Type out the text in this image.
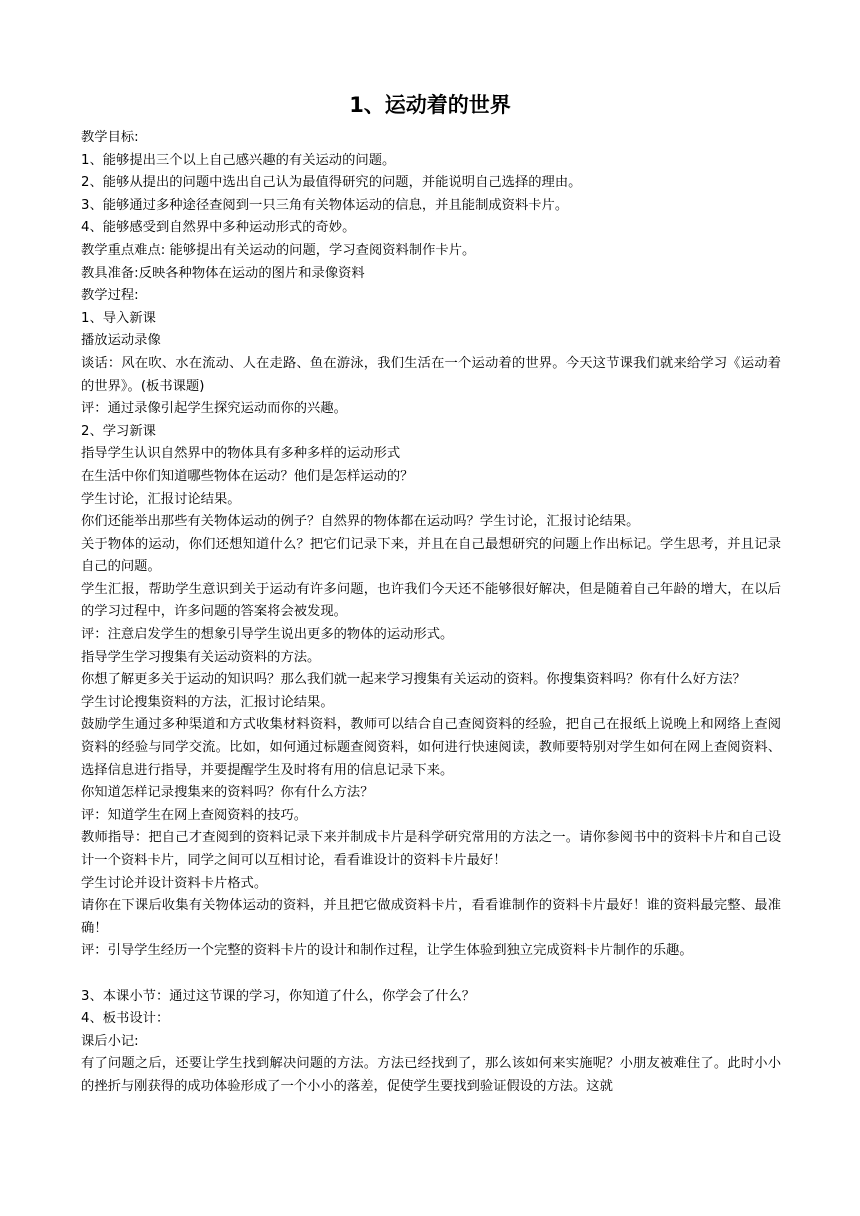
1、运动着的世界

教学目标:

1、能够提出三个以上自己感兴趣的有关运动的问题。

2、能够从提出的问题中选出自己认为最值得研究的问题，并能说明自己选择的理由。

3、能够通过多种途径查阅到一只三角有关物体运动的信息，并且能制成资料卡片。

4、能够感受到自然界中多种运动形式的奇妙。

教学重点难点: 能够提出有关运动的问题，学习查阅资料制作卡片。

教具准备:反映各种物体在运动的图片和录像资料

教学过程:

1、导入新课

播放运动录像

谈话：风在吹、水在流动、人在走路、鱼在游泳，我们生活在一个运动着的世界。今天这节课我们就来给学习《运动着的世界》。(板书课题)

评：通过录像引起学生探究运动而你的兴趣。

2、学习新课

指导学生认识自然界中的物体具有多种多样的运动形式

在生活中你们知道哪些物体在运动？他们是怎样运动的？

学生讨论，汇报讨论结果。

你们还能举出那些有关物体运动的例子？自然界的物体都在运动吗？学生讨论，汇报讨论结果。

关于物体的运动，你们还想知道什么？把它们记录下来，并且在自己最想研究的问题上作出标记。学生思考，并且记录自己的问题。

学生汇报，帮助学生意识到关于运动有许多问题，也许我们今天还不能够很好解决，但是随着自己年龄的增大，在以后的学习过程中，许多问题的答案将会被发现。

评：注意启发学生的想象引导学生说出更多的物体的运动形式。

指导学生学习搜集有关运动资料的方法。

你想了解更多关于运动的知识吗？那么我们就一起来学习搜集有关运动的资料。你搜集资料吗？你有什么好方法？

学生讨论搜集资料的方法，汇报讨论结果。

鼓励学生通过多种渠道和方式收集材料资料，教师可以结合自己查阅资料的经验，把自己在报纸上说晚上和网络上查阅资料的经验与同学交流。比如，如何通过标题查阅资料，如何进行快速阅读，教师要特别对学生如何在网上查阅资料、选择信息进行指导，并要提醒学生及时将有用的信息记录下来。

你知道怎样记录搜集来的资料吗？你有什么方法？

评：知道学生在网上查阅资料的技巧。

教师指导：把自己才查阅到的资料记录下来并制成卡片是科学研究常用的方法之一。请你参阅书中的资料卡片和自己设计一个资料卡片，同学之间可以互相讨论，看看谁设计的资料卡片最好！

学生讨论并设计资料卡片格式。

请你在下课后收集有关物体运动的资料，并且把它做成资料卡片，看看谁制作的资料卡片最好！谁的资料最完整、最准确！

评：引导学生经历一个完整的资料卡片的设计和制作过程，让学生体验到独立完成资料卡片制作的乐趣。

3、本课小节：通过这节课的学习，你知道了什么，你学会了什么？

4、板书设计：

课后小记:

有了问题之后，还要让学生找到解决问题的方法。方法已经找到了，那么该如何来实施呢？小朋友被难住了。此时小小的挫折与刚获得的成功体验形成了一个小小的落差，促使学生要找到验证假设的方法。这就
